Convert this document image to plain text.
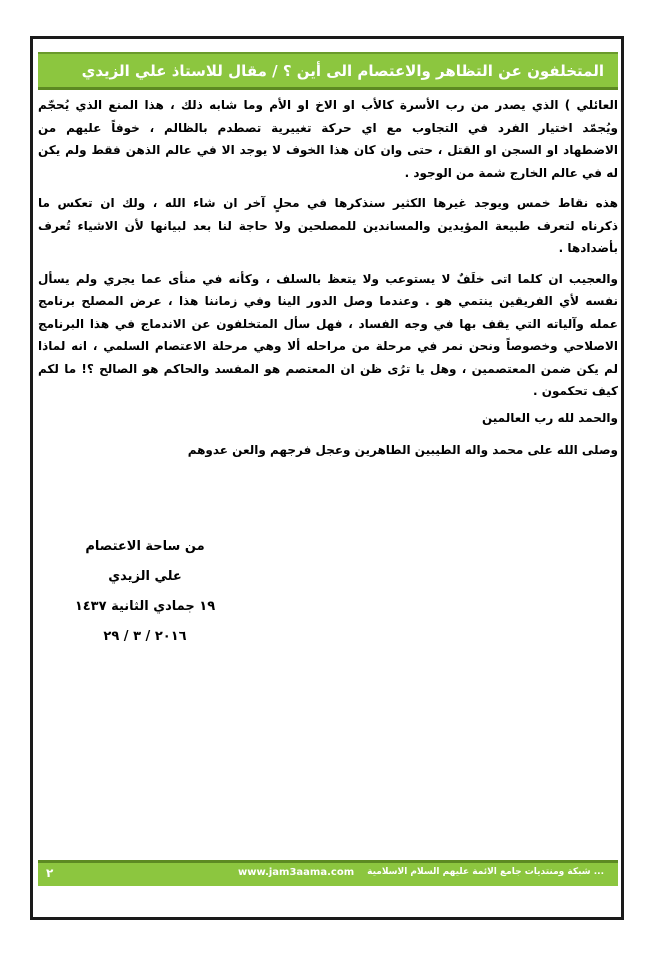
المتخلفون عن التظاهر والاعتصام الى أين ؟ / مقال للاستاذ علي الزيدي
العائلي ) الذي يصدر من رب الأسرة كالأب او الاخ او الأم وما شابه ذلك ، هذا المنع الذي يُحجّم
ويُجمّد اختيار الفرد في التجاوب مع اي حركة تغييرية تصطدم بالظالم ، خوفاً عليهم من
الاضطهاد او السجن او القتل ، حتى وان كان هذا الخوف لا يوجد الا في عالم الذهن فقط ولم يكن
له في عالم الخارج شمة من الوجود .
هذه نقاط خمس ويوجد غيرها الكثير سنذكرها في محلٍ آخر ان شاء الله ، ولك ان تعكس ما
ذكرناه لتعرف طبيعة المؤيدين والمساندين للمصلحين ولا حاجة لنا بعد لبيانها لأن الاشياء تُعرف
بأضدادها .
والعجيب ان كلما اتى خلَفٌ لا يستوعب ولا يتعظ بالسلف ، وكأنه في منأى عما يجري ولم يسأل
نفسه لأي الفريقين ينتمي هو . وعندما وصل الدور الينا وفي زماننا هذا ، عرض المصلح برنامج
عمله وآلياته التي يقف بها في وجه الفساد ، فهل سأل المتخلفون عن الاندماج في هذا البرنامج
الاصلاحي وخصوصاً ونحن نمر في مرحلة من مراحله ألا وهي مرحلة الاعتصام السلمي ، انه لماذا
لم يكن ضمن المعتصمين ، وهل يا ترُى ظن ان المعتصم هو المفسد والحاكم هو الصالح ؟! ما لكم
كيف تحكمون .
والحمد لله رب العالمين
وصلى الله على محمد واله الطيبين الطاهرين وعجل فرجهم والعن عدوهم
من ساحة الاعتصام
علي الزيدي
١٩ جمادي الثانية ١٤٣٧
٢٠١٦ / ٣ / ٢٩
٢	www.jam3aama.com ... شبكة ومنتديات جامع الائمة عليهم السلام الاسلامية
